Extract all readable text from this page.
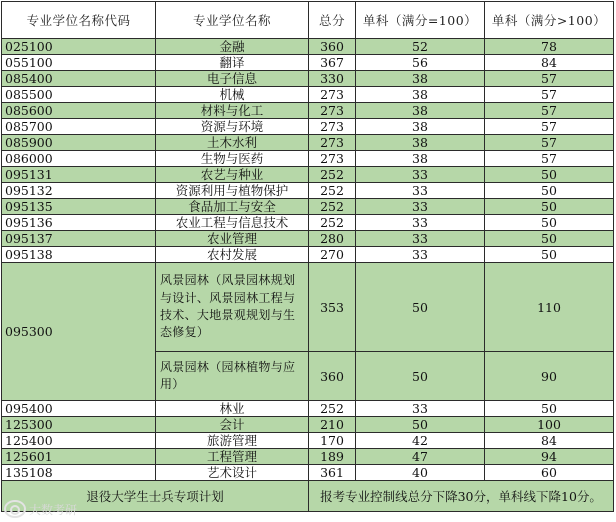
专业学位名称代码	专业学位名称	总分	单科（满分=100）	单科（满分>100）
025100	金融	360	52	78
055100	翻译	367	56	84
085400	电子信息	330	38	57
085500	机械	273	38	57
085600	材料与化工	273	38	57
085700	资源与环境	273	38	57
085900	土木水利	273	38	57
086000	生物与医药	273	38	57
095131	农艺与种业	252	33	50
095132	资源利用与植物保护	252	33	50
095135	食品加工与安全	252	33	50
095136	农业工程与信息技术	252	33	50
095137	农业管理	280	33	50
095138	农村发展	270	33	50
095300	风景园林（风景园林规划与设计、风景园林工程与技术、大地景观规划与生态修复）	353	50	110
	风景园林（园林植物与应用）	360	50	90
095400	林业	252	33	50
125300	会计	210	50	100
125400	旅游管理	170	42	84
125601	工程管理	189	47	94
135108	艺术设计	361	40	60
退役大学生士兵专项计划		报考专业控制线总分下降30分，单科线下降10分。		
大数考研
